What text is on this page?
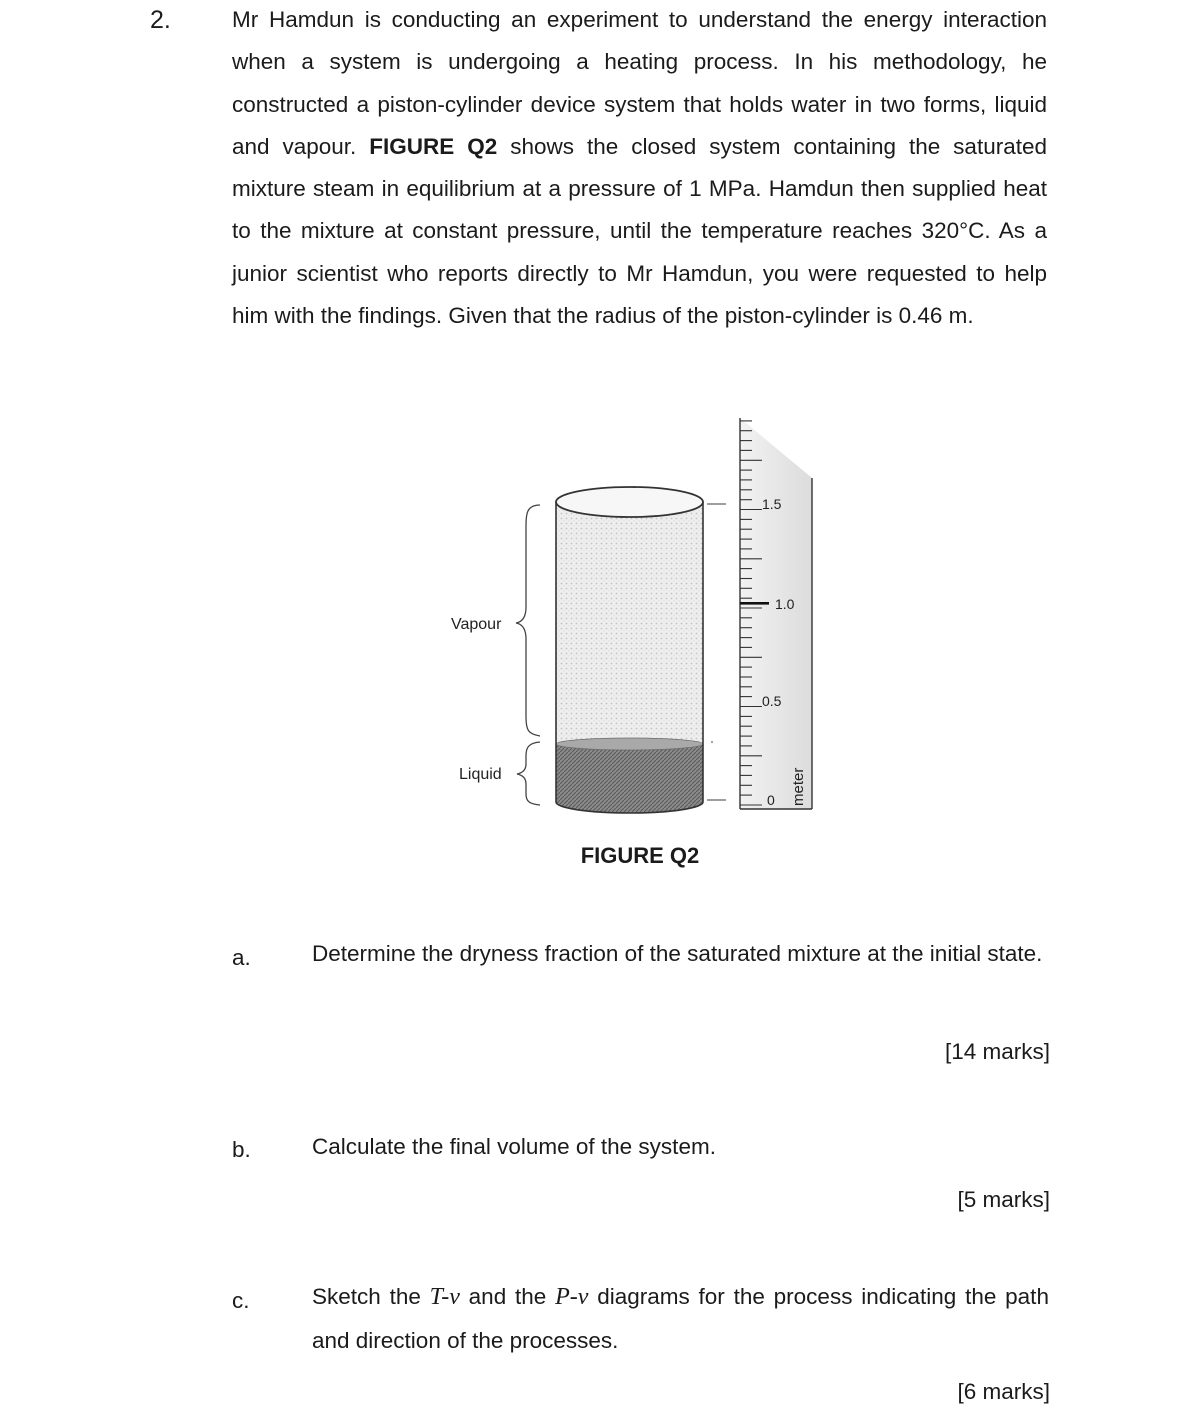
2.	Mr Hamdun is conducting an experiment to understand the energy interaction when a system is undergoing a heating process. In his methodology, he constructed a piston-cylinder device system that holds water in two forms, liquid and vapour. FIGURE Q2 shows the closed system containing the saturated mixture steam in equilibrium at a pressure of 1 MPa. Hamdun then supplied heat to the mixture at constant pressure, until the temperature reaches 320°C. As a junior scientist who reports directly to Mr Hamdun, you were requested to help him with the findings. Given that the radius of the piston-cylinder is 0.46 m.

Vapour
Liquid
1.5
1.0
0.5
0 meter
FIGURE Q2
a.	Determine the dryness fraction of the saturated mixture at the initial state.

[14 marks]
b.	Calculate the final volume of the system.

[5 marks]
c.	Sketch the T-v and the P-v diagrams for the process indicating the path and direction of the processes.

[6 marks]
